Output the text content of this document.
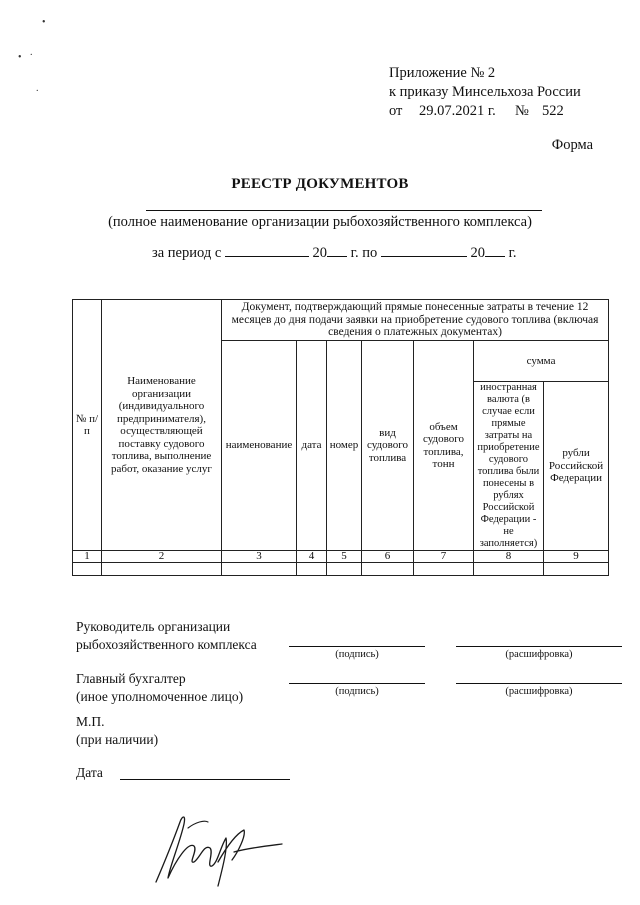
•
• .
.
Приложение № 2
к приказу Минсельхоза России
от 29.07.2021 г. № 522
Форма
РЕЕСТР ДОКУМЕНТОВ
(полное наименование организации рыбохозяйственного комплекса)
за период с	20 г. по	20 г.
№ п/п	Наименование организации (индивидуального предпринимателя), осуществляющей поставку судового топлива, выполнение работ, оказание услуг	Документ, подтверждающий прямые понесенные затраты в течение 12 месяцев до дня подачи заявки на приобретение судового топлива (включая сведения о платежных документах)						
		наименование	дата	номер	вид судового топлива	объем судового топлива, тонн	сумма	
							иностранная валюта (в случае если прямые затраты на приобретение судового топлива были понесены в рублях Российской Федерации - не заполняется)	рубли Российской Федерации
1	2	3	4	5	6	7	8	9

Руководитель организации
рыбохозяйственного комплекса
(подпись)	(расшифровка)
Главный бухгалтер
(иное уполномоченное лицо)	(подпись)	(расшифровка)
М.П.
(при наличии)
Дата
